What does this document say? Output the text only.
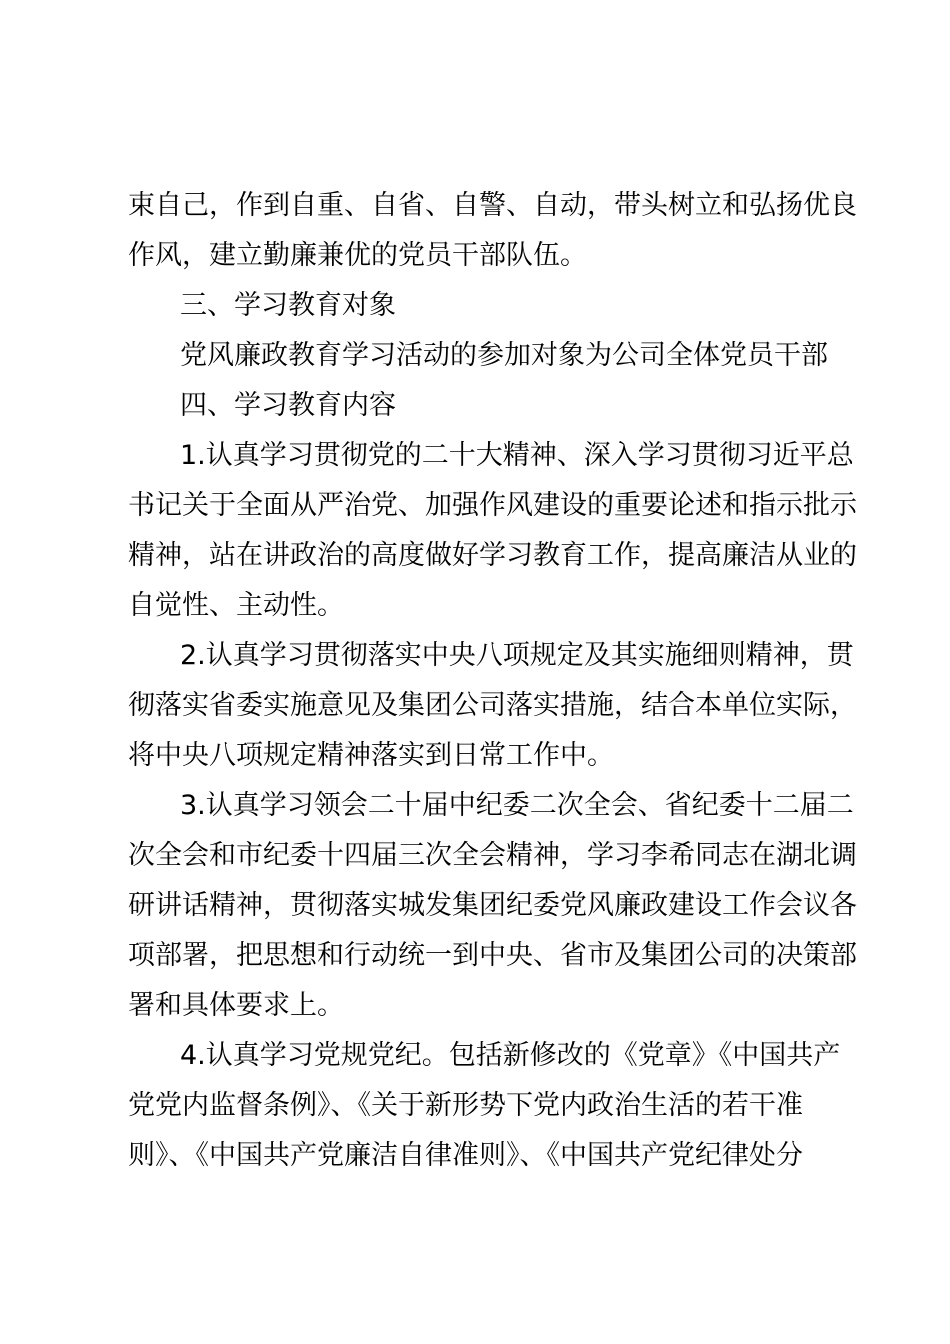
束自己，作到自重、自省、自警、自动，带头树立和弘扬优良
作风，建立勤廉兼优的党员干部队伍。
三、学习教育对象
党风廉政教育学习活动的参加对象为公司全体党员干部
四、学习教育内容
1.认真学习贯彻党的二十大精神、深入学习贯彻习近平总
书记关于全面从严治党、加强作风建设的重要论述和指示批示
精神，站在讲政治的高度做好学习教育工作，提高廉洁从业的
自觉性、主动性。
2.认真学习贯彻落实中央八项规定及其实施细则精神，贯
彻落实省委实施意见及集团公司落实措施，结合本单位实际，
将中央八项规定精神落实到日常工作中。
3.认真学习领会二十届中纪委二次全会、省纪委十二届二
次全会和市纪委十四届三次全会精神，学习李希同志在湖北调
研讲话精神，贯彻落实城发集团纪委党风廉政建设工作会议各
项部署，把思想和行动统一到中央、省市及集团公司的决策部
署和具体要求上。
4.认真学习党规党纪。包括新修改的《党章》《中国共产
党党内监督条例》、《关于新形势下党内政治生活的若干准
则》、《中国共产党廉洁自律准则》、《中国共产党纪律处分
